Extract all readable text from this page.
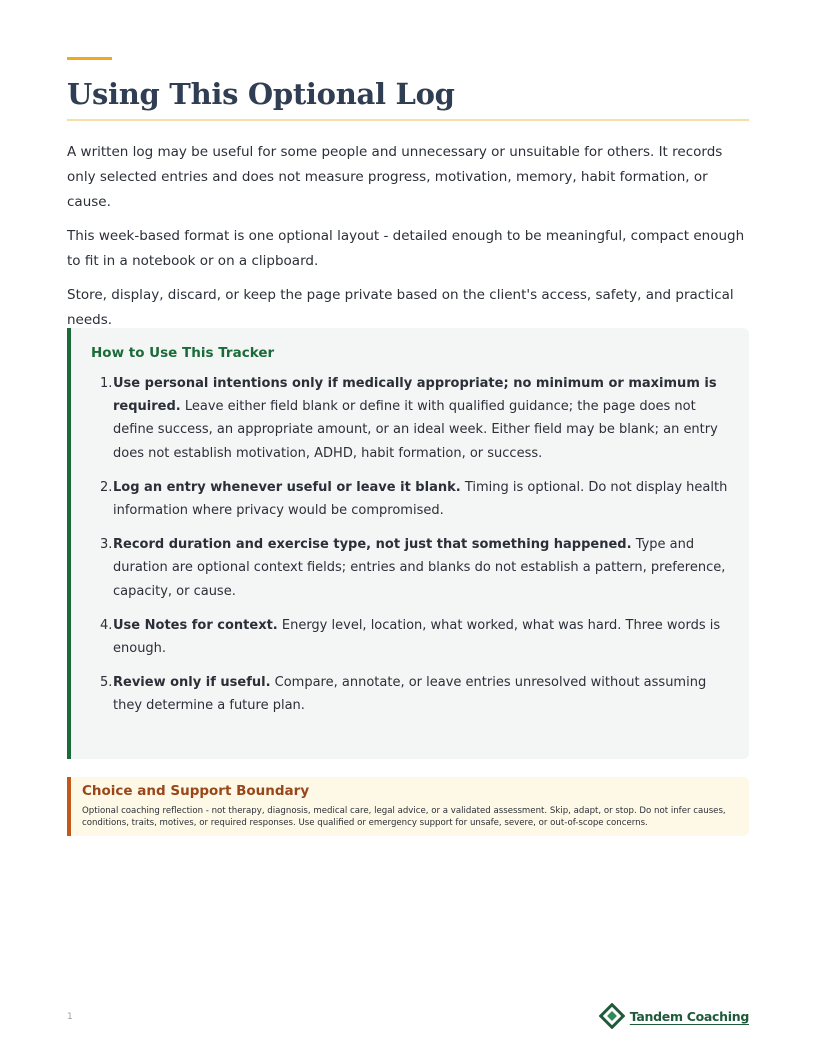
Using This Optional Log

A written log may be useful for some people and unnecessary or unsuitable for others. It records only selected entries and does not measure progress, motivation, memory, habit formation, or cause.

This week-based format is one optional layout - detailed enough to be meaningful, compact enough to fit in a notebook or on a clipboard.

Store, display, discard, or keep the page private based on the client's access, safety, and practical needs.

How to Use This Tracker
1. Use personal intentions only if medically appropriate; no minimum or maximum is required. Leave either field blank or define it with qualified guidance; the page does not define success, an appropriate amount, or an ideal week. Either field may be blank; an entry does not establish motivation, ADHD, habit formation, or success.
2. Log an entry whenever useful or leave it blank. Timing is optional. Do not display health information where privacy would be compromised.
3. Record duration and exercise type, not just that something happened. Type and duration are optional context fields; entries and blanks do not establish a pattern, preference, capacity, or cause.
4. Use Notes for context. Energy level, location, what worked, what was hard. Three words is enough.
5. Review only if useful. Compare, annotate, or leave entries unresolved without assuming they determine a future plan.
Choice and Support Boundary

Optional coaching reflection - not therapy, diagnosis, medical care, legal advice, or a validated assessment. Skip, adapt, or stop. Do not infer causes, conditions, traits, motives, or required responses. Use qualified or emergency support for unsafe, severe, or out-of-scope concerns.

1	Tandem Coaching
